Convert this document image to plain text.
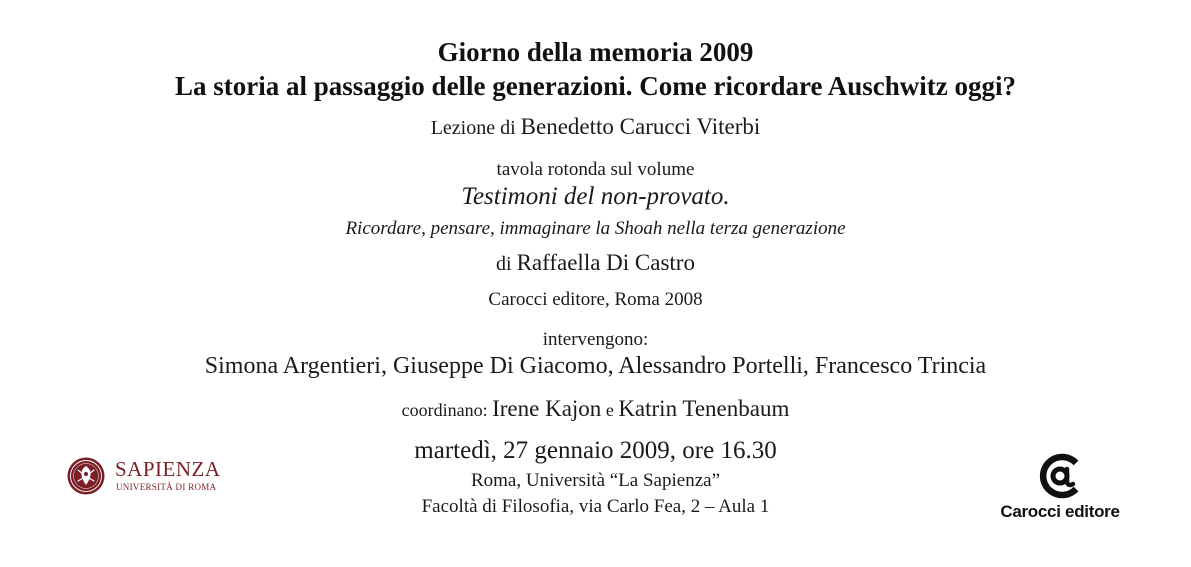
Giorno della memoria 2009
La storia al passaggio delle generazioni. Come ricordare Auschwitz oggi?
Lezione di Benedetto Carucci Viterbi
tavola rotonda sul volume
Testimoni del non-provato.
Ricordare, pensare, immaginare la Shoah nella terza generazione
di Raffaella Di Castro
Carocci editore, Roma 2008
intervengono:
Simona Argentieri, Giuseppe Di Giacomo, Alessandro Portelli, Francesco Trincia
coordinano: Irene Kajon e Katrin Tenenbaum
martedì, 27 gennaio 2009, ore 16.30
Roma, Università “La Sapienza”
Facoltà di Filosofia, via Carlo Fea, 2 – Aula 1
SAPIENZA
UNIVERSITÀ DI ROMA
Carocci editore
